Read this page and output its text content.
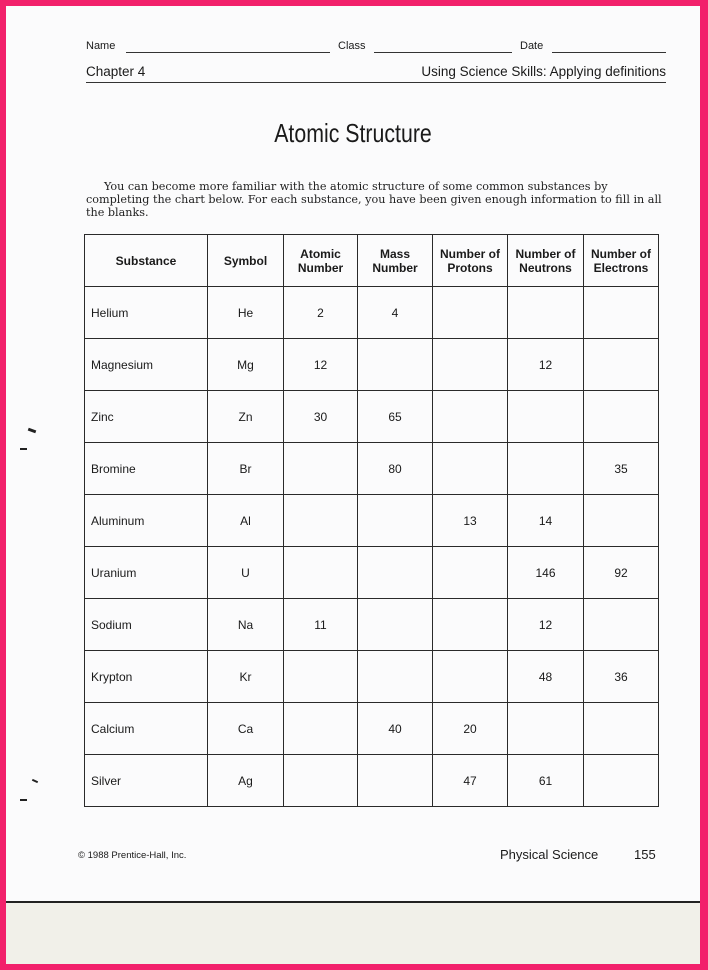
Name	Class	Date
Chapter 4	Using Science Skills: Applying definitions
Atomic Structure
You can become more familiar with the atomic structure of some common substances by completing the chart below. For each substance, you have been given enough information to fill in all the blanks.
Substance	Symbol	Atomic Number	Mass Number	Number of Protons	Number of Neutrons	Number of Electrons
Helium	He	2	4			
Magnesium	Mg	12			12	
Zinc	Zn	30	65			
Bromine	Br		80			35
Aluminum	Al			13	14	
Uranium	U				146	92
Sodium	Na	11			12	
Krypton	Kr				48	36
Calcium	Ca		40	20		
Silver	Ag			47	61	
© 1988 Prentice-Hall, Inc.	Physical Science	155
